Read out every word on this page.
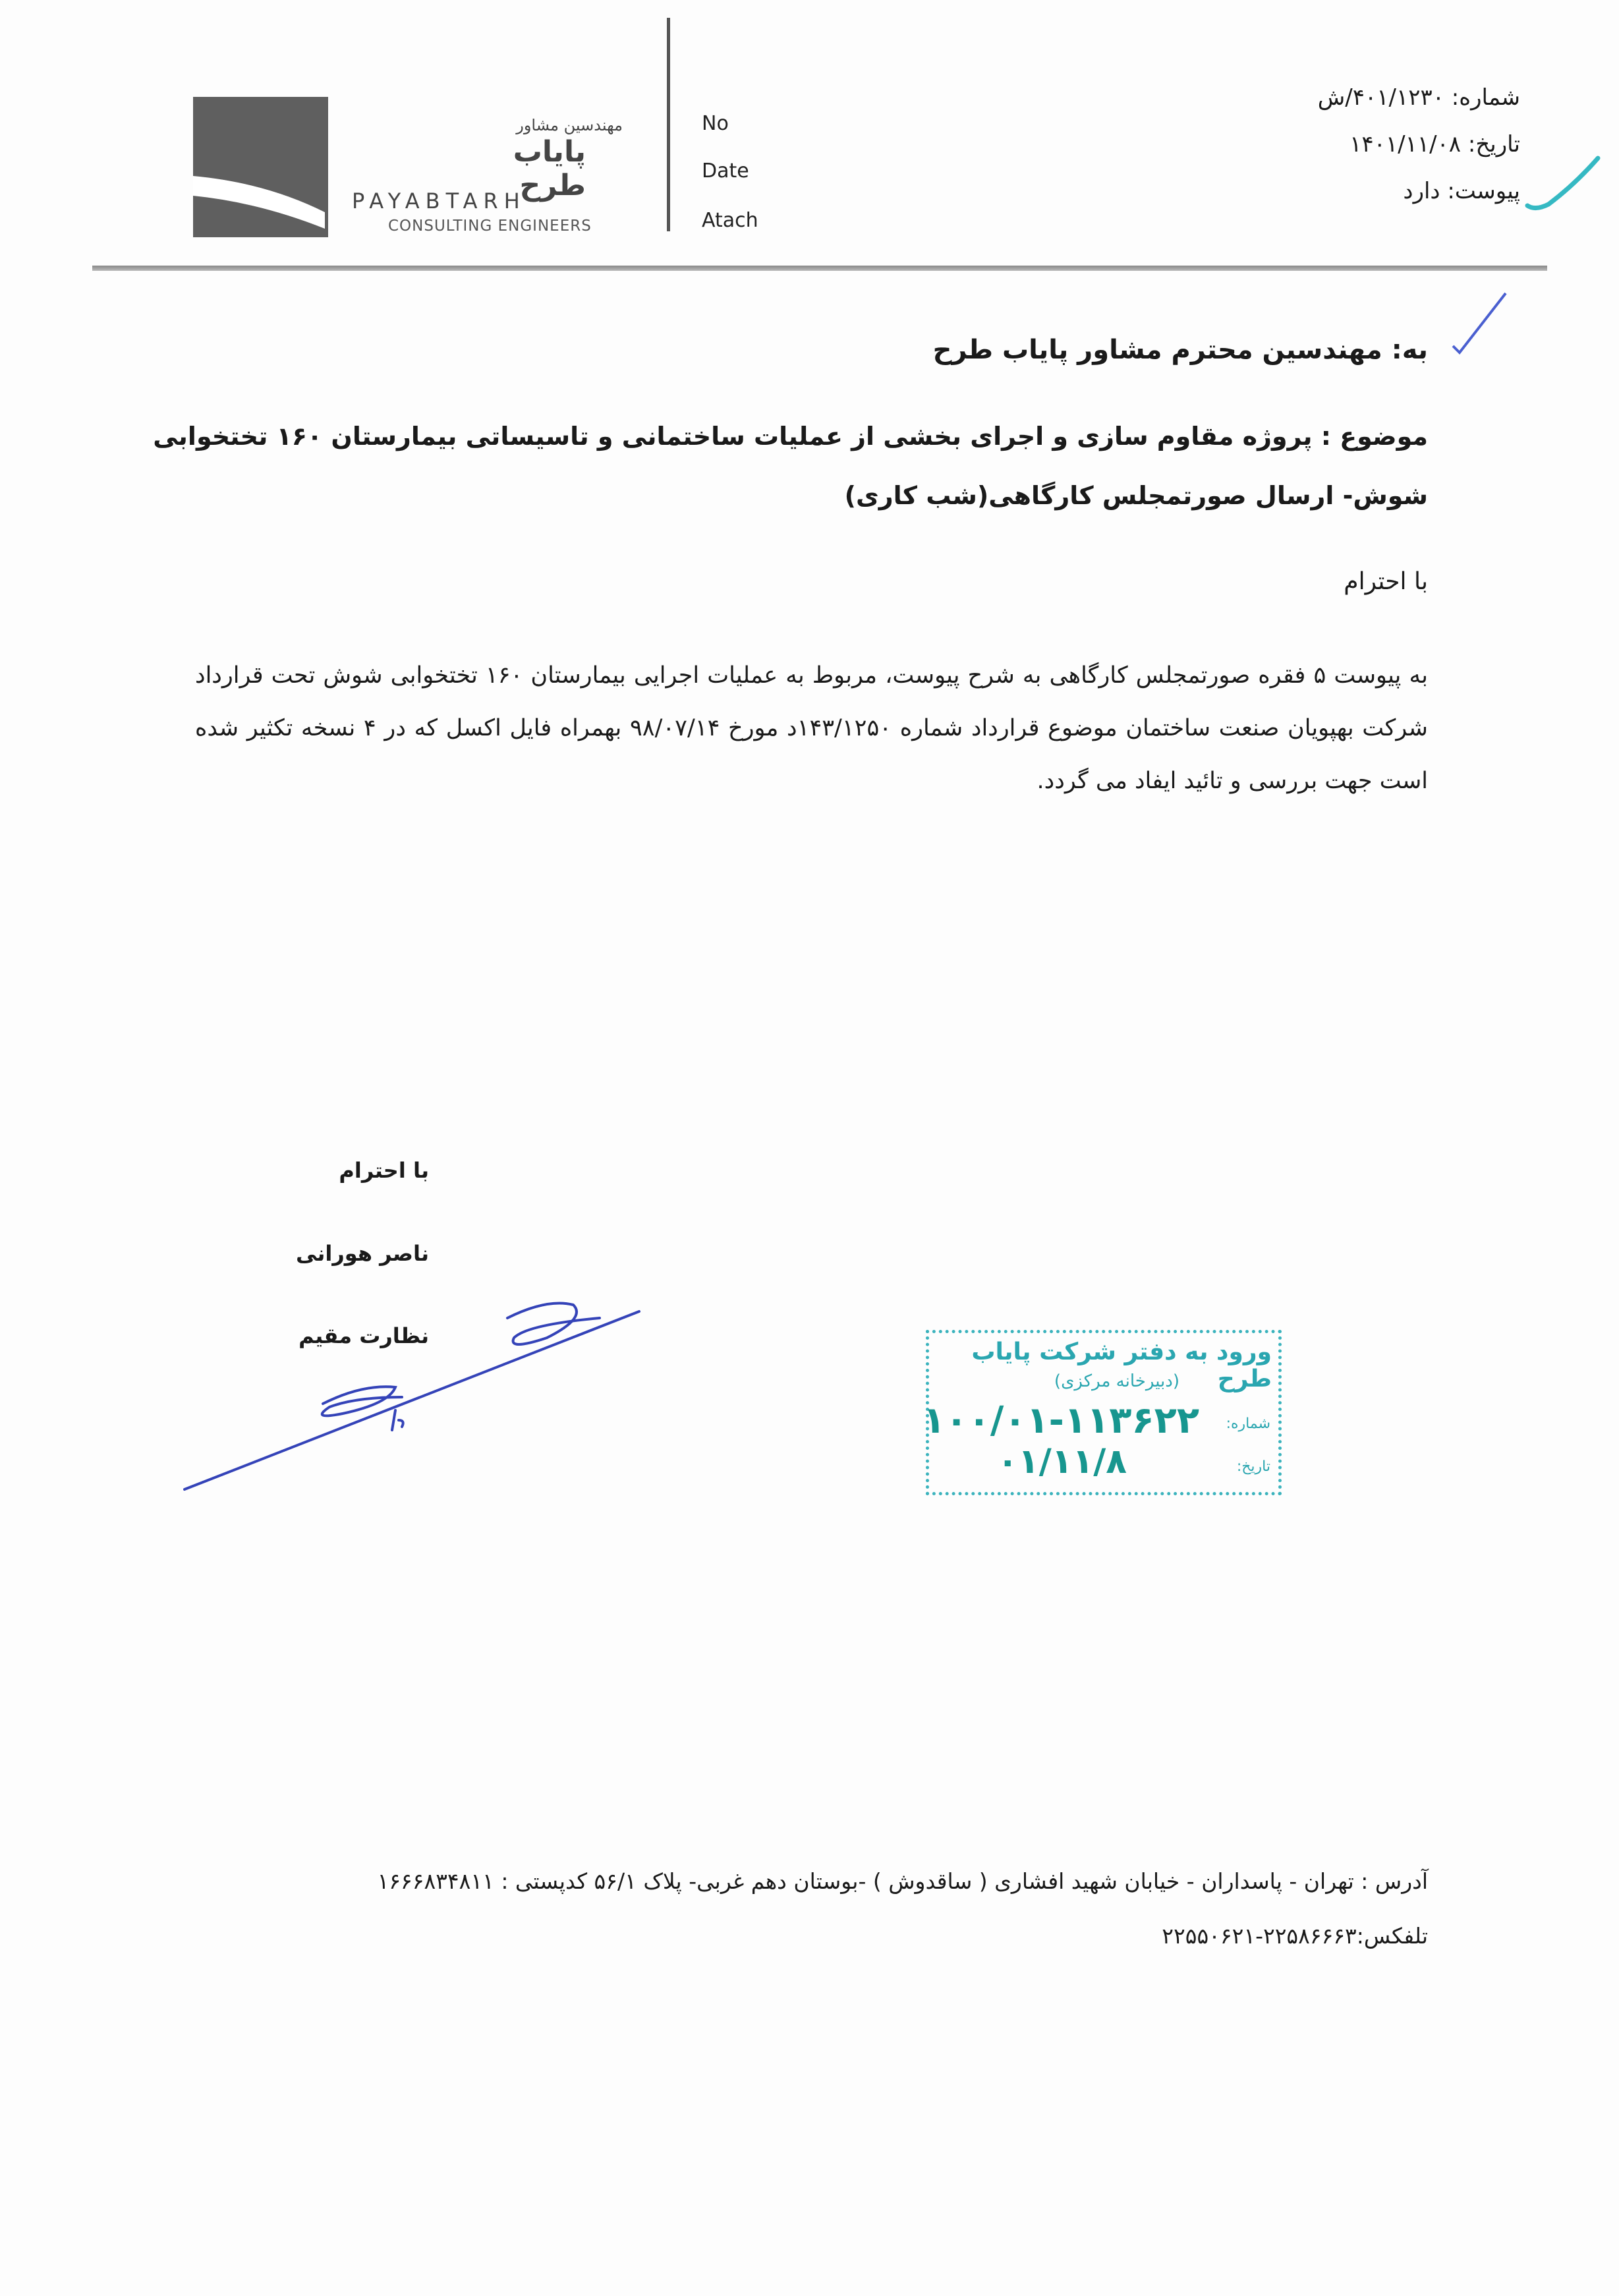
مهندسین مشاور
پایاب طرح
PAYABTARH
CONSULTING ENGINEERS
No
Date
Atach
شماره: ۴۰۱/۱۲۳۰/ش
تاریخ: ۱۴۰۱/۱۱/۰۸
پیوست: دارد
به: مهندسین محترم مشاور پایاب طرح
موضوع : پروژه مقاوم سازی و اجرای بخشی از عملیات ساختمانی و تاسیساتی بیمارستان ۱۶۰ تختخوابی
شوش- ارسال صورتمجلس کارگاهی(شب کاری)
با احترام
به پیوست ۵ فقره صورتمجلس کارگاهی به شرح پیوست، مربوط به عملیات اجرایی بیمارستان ۱۶۰ تختخوابی شوش تحت قرارداد شرکت بهپویان صنعت ساختمان موضوع قرارداد شماره ۱۴۳/۱۲۵۰د مورخ ۹۸/۰۷/۱۴ بهمراه فایل اکسل که در ۴ نسخه تکثیر شده است جهت بررسی و تائید ایفاد می گردد.
با احترام
ناصر هورانی
نظارت مقیم
ورود به دفتر شرکت پایاب طرح
(دبیرخانه مرکزی)
شماره:
۱۰۰/۰۱-۱۱۳۶۲۲
تاریخ:
۰۱/۱۱/۸
آدرس : تهران - پاسداران - خیابان شهید افشاری ( ساقدوش ) -بوستان دهم غربی- پلاک ۵۶/۱ کدپستی : ۱۶۶۶۸۳۴۸۱۱
تلفکس:۲۲۵۸۶۶۶۳-۲۲۵۵۰۶۲۱
